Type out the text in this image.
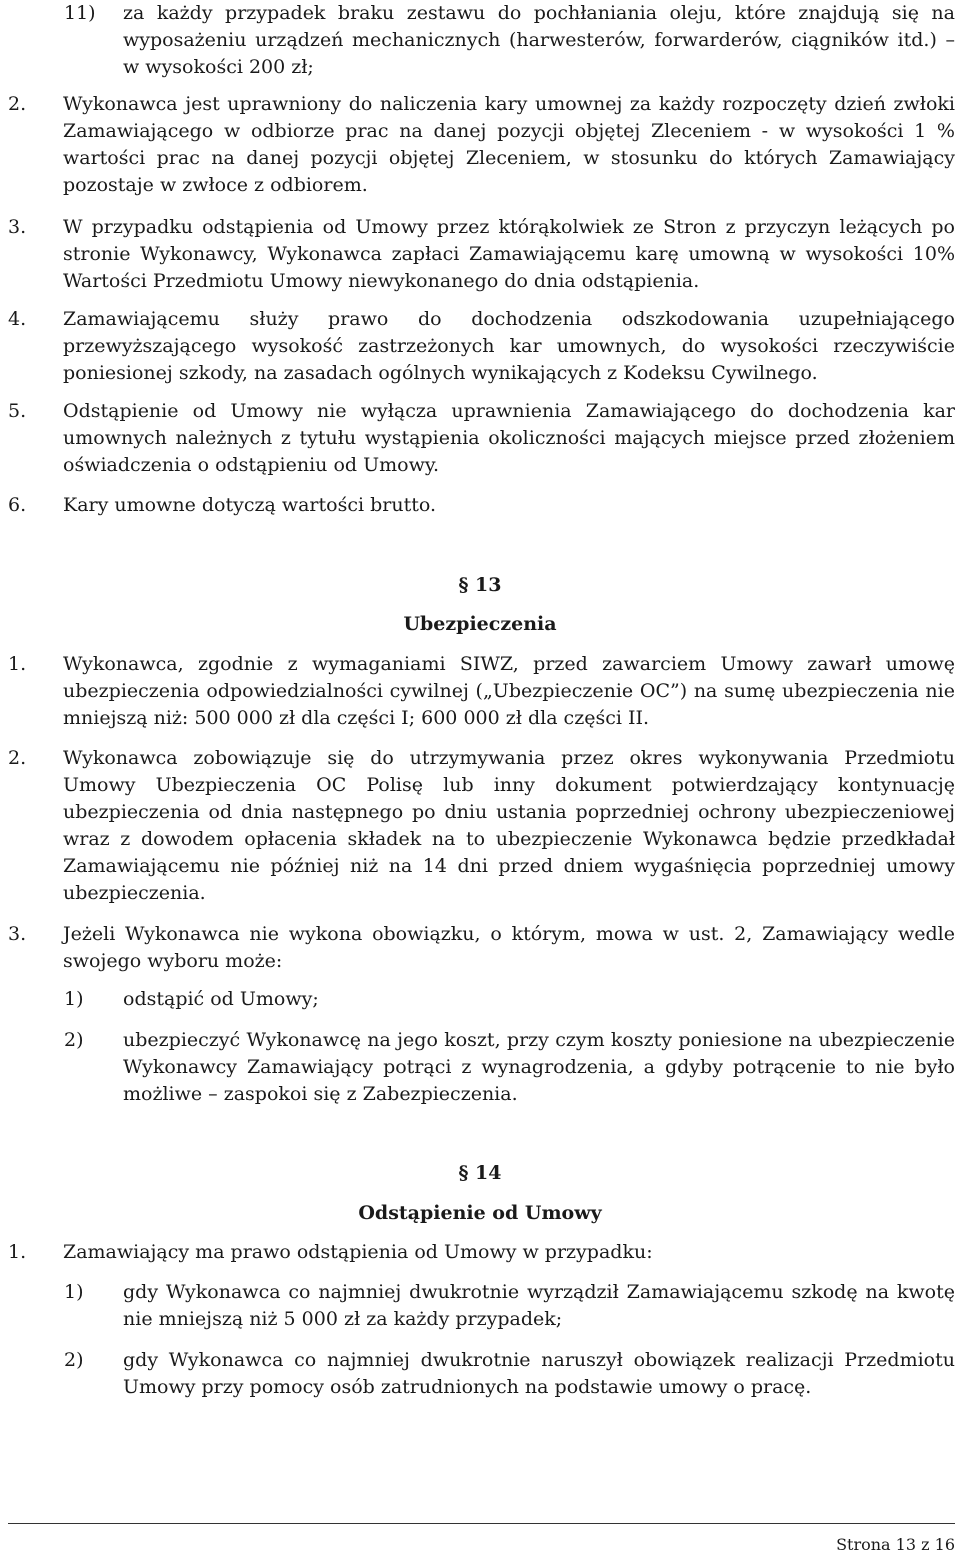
11) za każdy przypadek braku zestawu do pochłaniania oleju, które znajdują się na wyposażeniu urządzeń mechanicznych (harwesterów, forwarderów, ciągników itd.) – w wysokości 200 zł;
2. Wykonawca jest uprawniony do naliczenia kary umownej za każdy rozpoczęty dzień zwłoki Zamawiającego w odbiorze prac na danej pozycji objętej Zleceniem - w wysokości 1 % wartości prac na danej pozycji objętej Zleceniem, w stosunku do których Zamawiający pozostaje w zwłoce z odbiorem.
3. W przypadku odstąpienia od Umowy przez którąkolwiek ze Stron z przyczyn leżących po stronie Wykonawcy, Wykonawca zapłaci Zamawiającemu karę umowną w wysokości 10% Wartości Przedmiotu Umowy niewykonanego do dnia odstąpienia.
4. Zamawiającemu służy prawo do dochodzenia odszkodowania uzupełniającego przewyższającego wysokość zastrzeżonych kar umownych, do wysokości rzeczywiście poniesionej szkody, na zasadach ogólnych wynikających z Kodeksu Cywilnego.
5. Odstąpienie od Umowy nie wyłącza uprawnienia Zamawiającego do dochodzenia kar umownych należnych z tytułu wystąpienia okoliczności mających miejsce przed złożeniem oświadczenia o odstąpieniu od Umowy.
6. Kary umowne dotyczą wartości brutto.
§ 13
Ubezpieczenia
1. Wykonawca, zgodnie z wymaganiami SIWZ, przed zawarciem Umowy zawarł umowę ubezpieczenia odpowiedzialności cywilnej („Ubezpieczenie OC”) na sumę ubezpieczenia nie mniejszą niż: 500 000 zł dla części I; 600 000 zł dla części II.
2. Wykonawca zobowiązuje się do utrzymywania przez okres wykonywania Przedmiotu Umowy Ubezpieczenia OC Polisę lub inny dokument potwierdzający kontynuację ubezpieczenia od dnia następnego po dniu ustania poprzedniej ochrony ubezpieczeniowej wraz z dowodem opłacenia składek na to ubezpieczenie Wykonawca będzie przedkładał Zamawiającemu nie później niż na 14 dni przed dniem wygaśnięcia poprzedniej umowy ubezpieczenia.
3. Jeżeli Wykonawca nie wykona obowiązku, o którym, mowa w ust. 2, Zamawiający wedle swojego wyboru może:
1) odstąpić od Umowy;
2) ubezpieczyć Wykonawcę na jego koszt, przy czym koszty poniesione na ubezpieczenie Wykonawcy Zamawiający potrąci z wynagrodzenia, a gdyby potrącenie to nie było możliwe – zaspokoi się z Zabezpieczenia.
§ 14
Odstąpienie od Umowy
1. Zamawiający ma prawo odstąpienia od Umowy w przypadku:
1) gdy Wykonawca co najmniej dwukrotnie wyrządził Zamawiającemu szkodę na kwotę nie mniejszą niż 5 000 zł za każdy przypadek;
2) gdy Wykonawca co najmniej dwukrotnie naruszył obowiązek realizacji Przedmiotu Umowy przy pomocy osób zatrudnionych na podstawie umowy o pracę.
Strona 13 z 16
